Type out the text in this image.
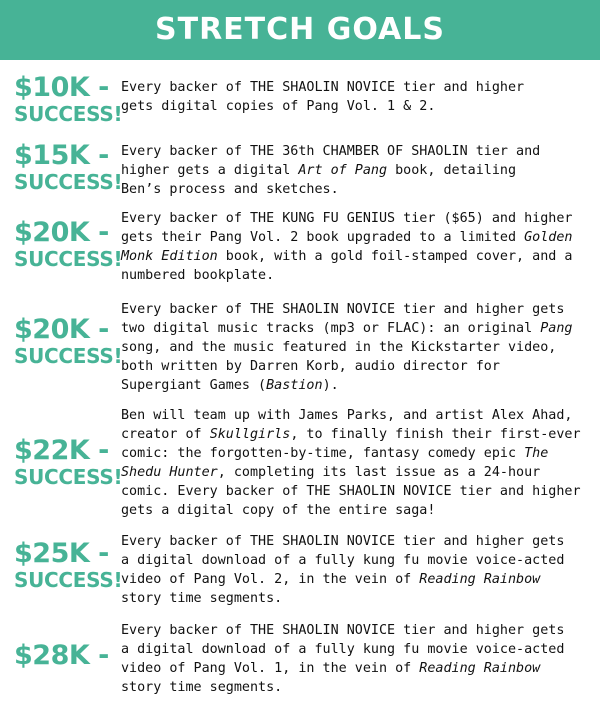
STRETCH GOALS
$10K -
SUCCESS!
Every backer of THE SHAOLIN NOVICE tier and higher
gets digital copies of Pang Vol. 1 & 2.
$15K -
SUCCESS!
Every backer of THE 36th CHAMBER OF SHAOLIN tier and
higher gets a digital Art of Pang book, detailing
Ben’s process and sketches.
$20K -
SUCCESS!
Every backer of THE KUNG FU GENIUS tier ($65) and higher
gets their Pang Vol. 2 book upgraded to a limited Golden
Monk Edition book, with a gold foil-stamped cover, and a
numbered bookplate.
$20K -
SUCCESS!
Every backer of THE SHAOLIN NOVICE tier and higher gets
two digital music tracks (mp3 or FLAC): an original Pang
song, and the music featured in the Kickstarter video,
both written by Darren Korb, audio director for
Supergiant Games (Bastion).
$22K -
SUCCESS!
Ben will team up with James Parks, and artist Alex Ahad,
creator of Skullgirls, to finally finish their first-ever
comic: the forgotten-by-time, fantasy comedy epic The
Shedu Hunter, completing its last issue as a 24-hour
comic. Every backer of THE SHAOLIN NOVICE tier and higher
gets a digital copy of the entire saga!
$25K -
SUCCESS!
Every backer of THE SHAOLIN NOVICE tier and higher gets
a digital download of a fully kung fu movie voice-acted
video of Pang Vol. 2, in the vein of Reading Rainbow
story time segments.
$28K -
Every backer of THE SHAOLIN NOVICE tier and higher gets
a digital download of a fully kung fu movie voice-acted
video of Pang Vol. 1, in the vein of Reading Rainbow
story time segments.
